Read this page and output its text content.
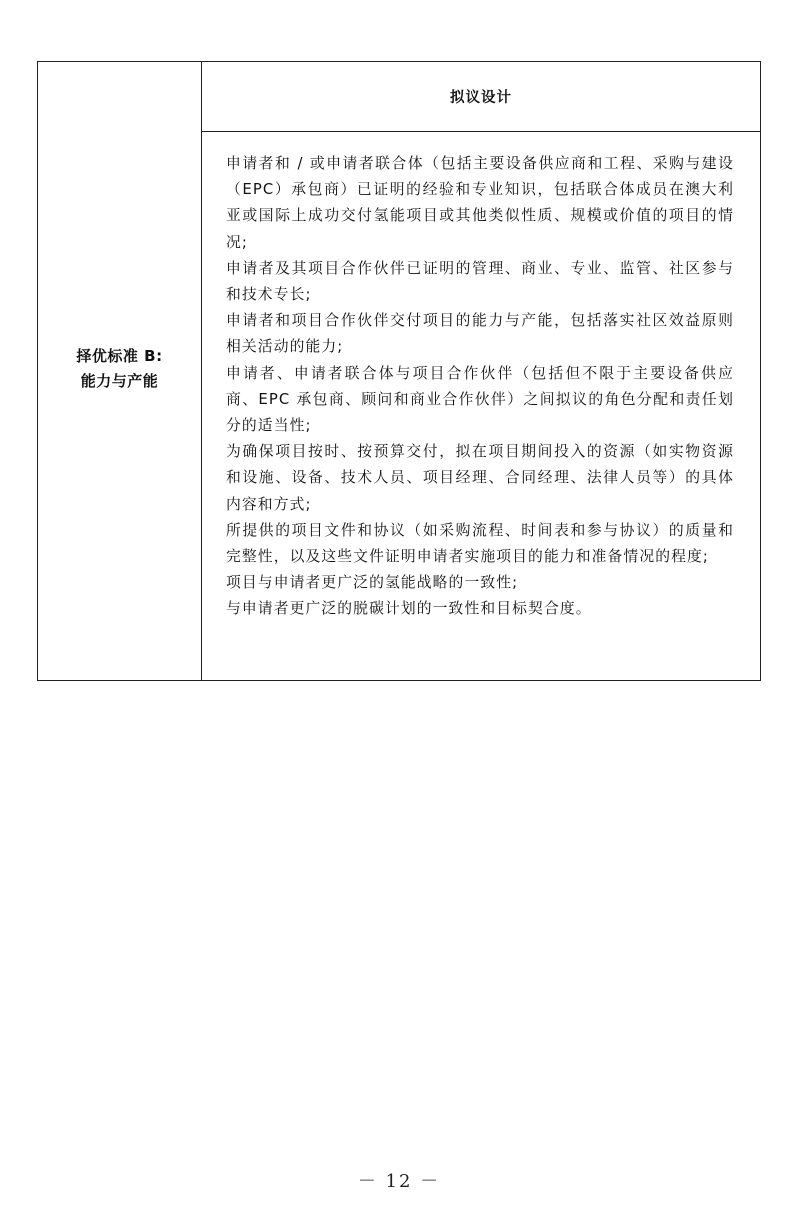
择优标准 B:
能力与产能
拟议设计

申请者和 / 或申请者联合体（包括主要设备供应商和工程、采购与建设（EPC）承包商）已证明的经验和专业知识，包括联合体成员在澳大利亚或国际上成功交付氢能项目或其他类似性质、规模或价值的项目的情况;

申请者及其项目合作伙伴已证明的管理、商业、专业、监管、社区参与和技术专长;

申请者和项目合作伙伴交付项目的能力与产能，包括落实社区效益原则相关活动的能力;

申请者、申请者联合体与项目合作伙伴（包括但不限于主要设备供应商、EPC 承包商、顾问和商业合作伙伴）之间拟议的角色分配和责任划分的适当性;

为确保项目按时、按预算交付，拟在项目期间投入的资源（如实物资源和设施、设备、技术人员、项目经理、合同经理、法律人员等）的具体内容和方式;

所提供的项目文件和协议（如采购流程、时间表和参与协议）的质量和完整性，以及这些文件证明申请者实施项目的能力和准备情况的程度;

项目与申请者更广泛的氢能战略的一致性;

与申请者更广泛的脱碳计划的一致性和目标契合度。

－ 12 －
